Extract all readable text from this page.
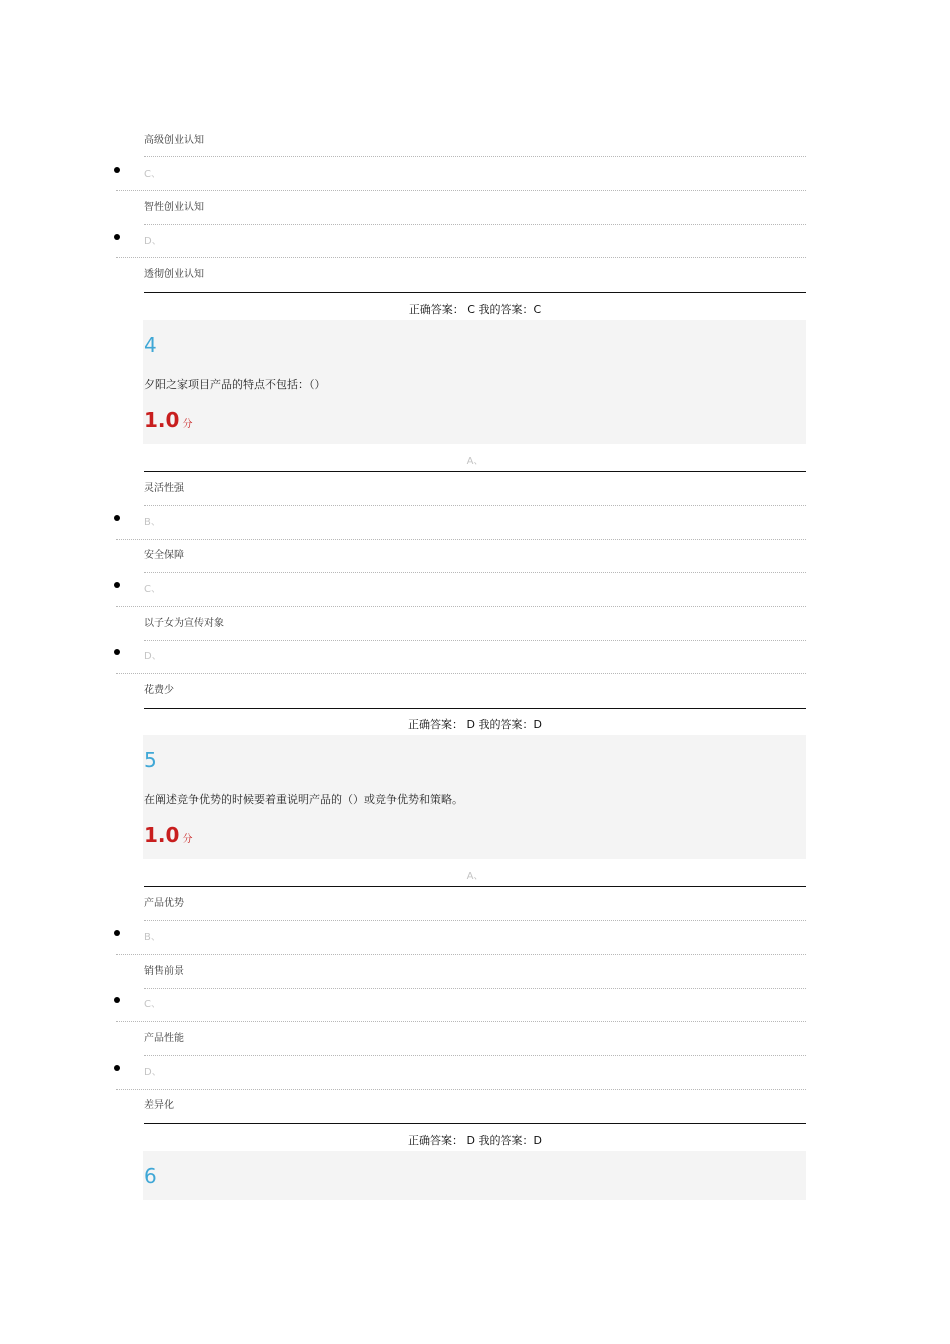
高级创业认知
C、
智性创业认知
D、
透彻创业认知
正确答案： C 我的答案：C
4
夕阳之家项目产品的特点不包括：（）
1.0 分
A、
灵活性强
B、
安全保障
C、
以子女为宣传对象
D、
花费少
正确答案： D 我的答案：D
5
在阐述竞争优势的时候要着重说明产品的（）或竞争优势和策略。
1.0 分
A、
产品优势
B、
销售前景
C、
产品性能
D、
差异化
正确答案： D 我的答案：D
6
